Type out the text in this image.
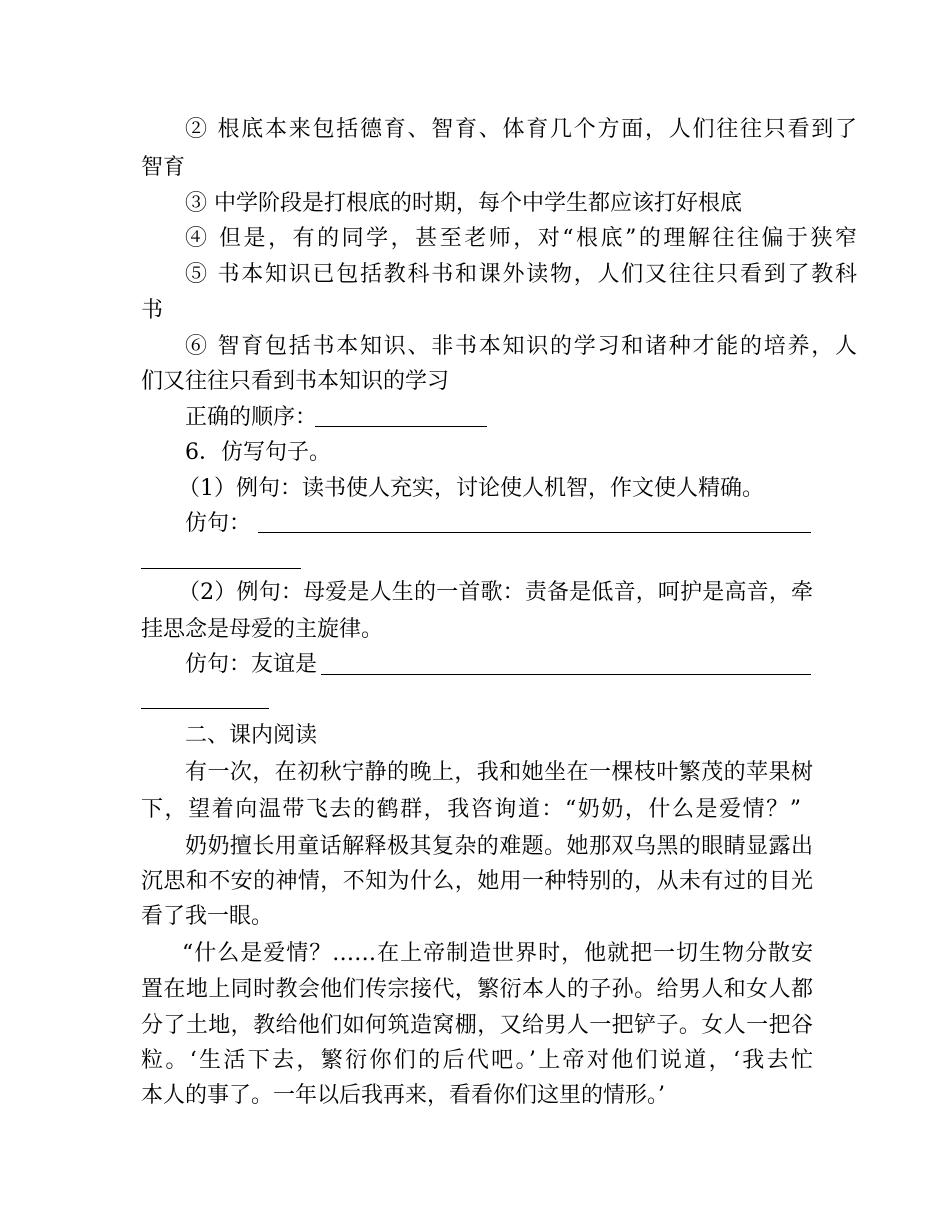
② 根底本来包括德育、智育、体育几个方面，人们往往只看到了
智育
③ 中学阶段是打根底的时期，每个中学生都应该打好根底
④ 但是，有的同学，甚至老师，对“根底”的理解往往偏于狭窄
⑤ 书本知识已包括教科书和课外读物，人们又往往只看到了教科
书
⑥ 智育包括书本知识、非书本知识的学习和诸种才能的培养，人
们又往往只看到书本知识的学习
正确的顺序：
6．仿写句子。
（1）例句：读书使人充实，讨论使人机智，作文使人精确。
仿句：
（2）例句：母爱是人生的一首歌：责备是低音，呵护是高音，牵
挂思念是母爱的主旋律。
仿句：友谊是
二、课内阅读
有一次，在初秋宁静的晚上，我和她坐在一棵枝叶繁茂的苹果树
下，望着向温带飞去的鹤群，我咨询道：“奶奶，什么是爱情？”
奶奶擅长用童话解释极其复杂的难题。她那双乌黑的眼睛显露出
沉思和不安的神情，不知为什么，她用一种特别的，从未有过的目光
看了我一眼。
“什么是爱情？……在上帝制造世界时，他就把一切生物分散安
置在地上同时教会他们传宗接代，繁衍本人的子孙。给男人和女人都
分了土地，教给他们如何筑造窝棚，又给男人一把铲子。女人一把谷
粒。‘生活下去，繁衍你们的后代吧。’上帝对他们说道，‘我去忙
本人的事了。一年以后我再来，看看你们这里的情形。’
